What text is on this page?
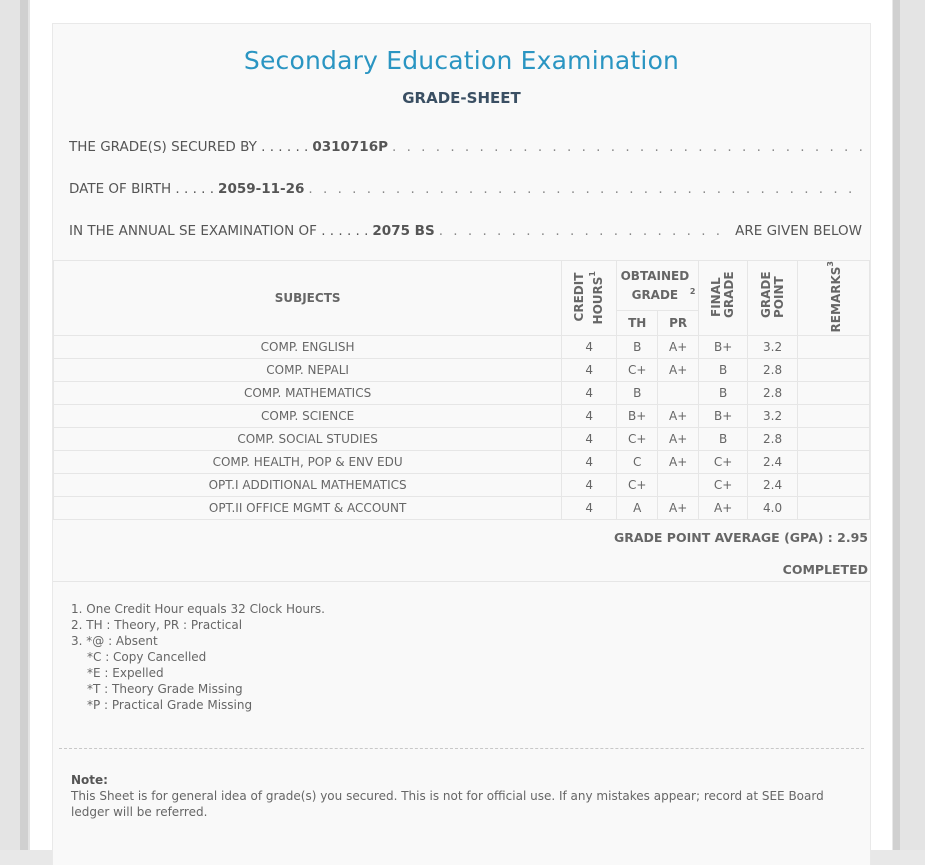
Secondary Education Examination
GRADE-SHEET
THE GRADE(S) SECURED BY . . . . . . 0310716P
. . .
DATE OF BIRTH . . . . . 2059-11-26
. . .
IN THE ANNUAL SE EXAMINATION OF . . . . . . 2075 BS . . .	ARE GIVEN BELOW
SUBJECTS	CREDIT HOURS$^1$	OBTAINED GRADE $^2$		FINAL GRADE	GRADE POINT	REMARKS$^3$
		TH	PR			
COMP. ENGLISH	4	B	A+	B+	3.2	
COMP. NEPALI	4	C+	A+	B	2.8	
COMP. MATHEMATICS	4	B		B	2.8	
COMP. SCIENCE	4	B+	A+	B+	3.2	
COMP. SOCIAL STUDIES	4	C+	A+	B	2.8	
COMP. HEALTH, POP & ENV EDU	4	C	A+	C+	2.4	
OPT.I ADDITIONAL MATHEMATICS	4	C+		C+	2.4	
OPT.II OFFICE MGMT & ACCOUNT	4	A	A+	A+	4.0	
GRADE POINT AVERAGE (GPA) : 2.95
COMPLETED
1. One Credit Hour equals 32 Clock Hours.
2. TH : Theory, PR : Practical
3. *@ : Absent
*C : Copy Cancelled
*E : Expelled
*T : Theory Grade Missing
*P : Practical Grade Missing
Note:
This Sheet is for general idea of grade(s) you secured. This is not for official use. If any mistakes appear; record at SEE Board ledger will be referred.
